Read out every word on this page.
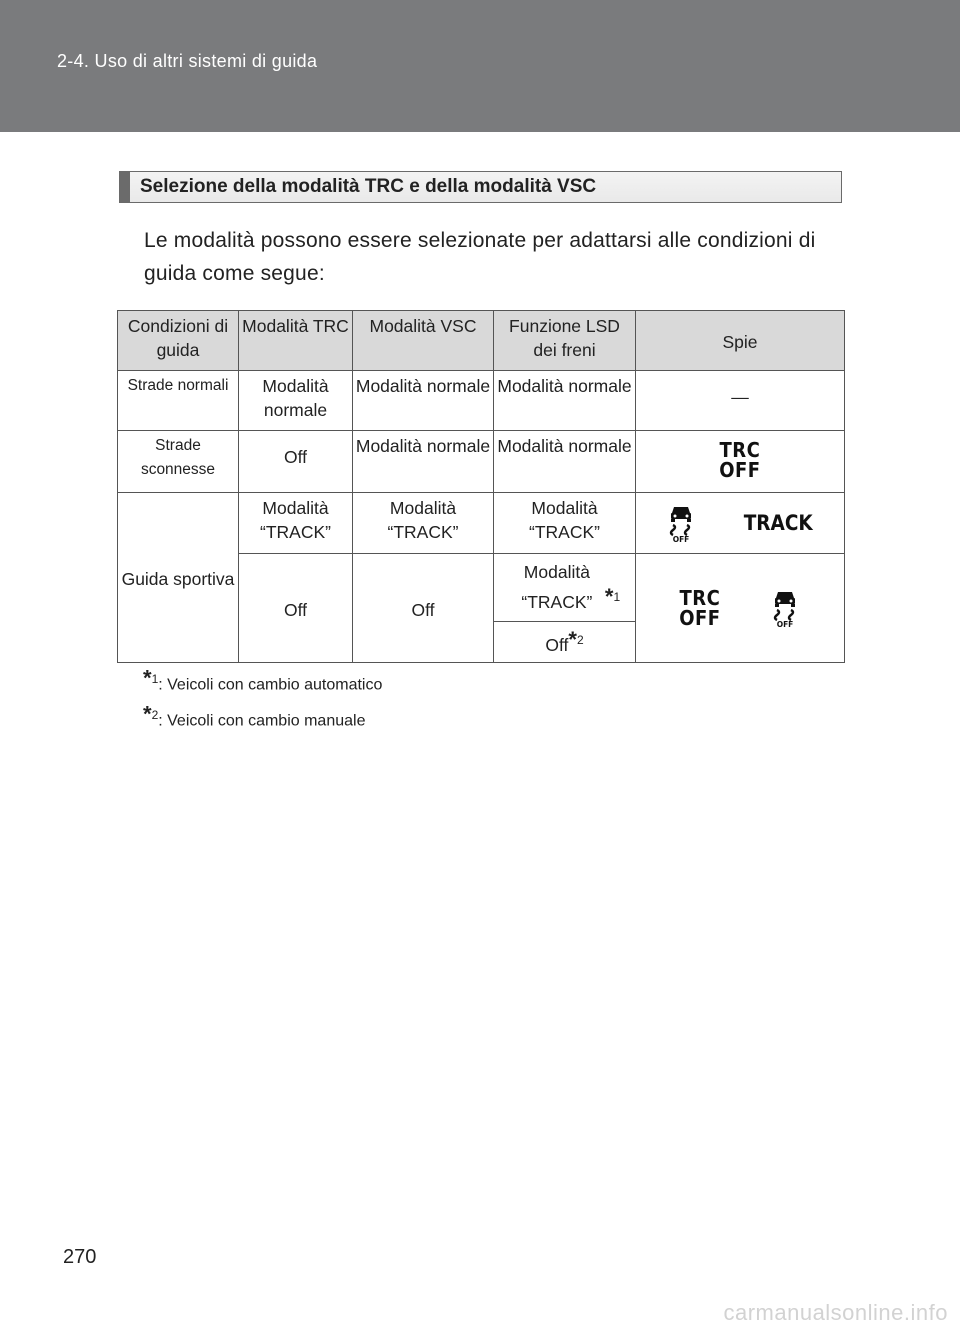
2-4. Uso di altri sistemi di guida
Selezione della modalità TRC e della modalità VSC
Le modalità possono essere selezionate per adattarsi alle condizioni di guida come segue:
Condizioni di guida	Modalità TRC	Modalità VSC	Funzione LSD dei freni	Spie
Strade normali	Modalità normale	Modalità normale	Modalità normale	—
Strade sconnesse	Off	Modalità normale	Modalità normale	TRC
OFF
Guida sportiva	Modalità “TRACK”	Modalità “TRACK”	Modalità “TRACK”	OFF
TRACK

	Off	Off	Modalità “TRACK” *$^1$	TRC
OFF OFF

			Off*$^2$
*$^1$: Veicoli con cambio automatico
*$^2$: Veicoli con cambio manuale
270
carmanualsonline.info
